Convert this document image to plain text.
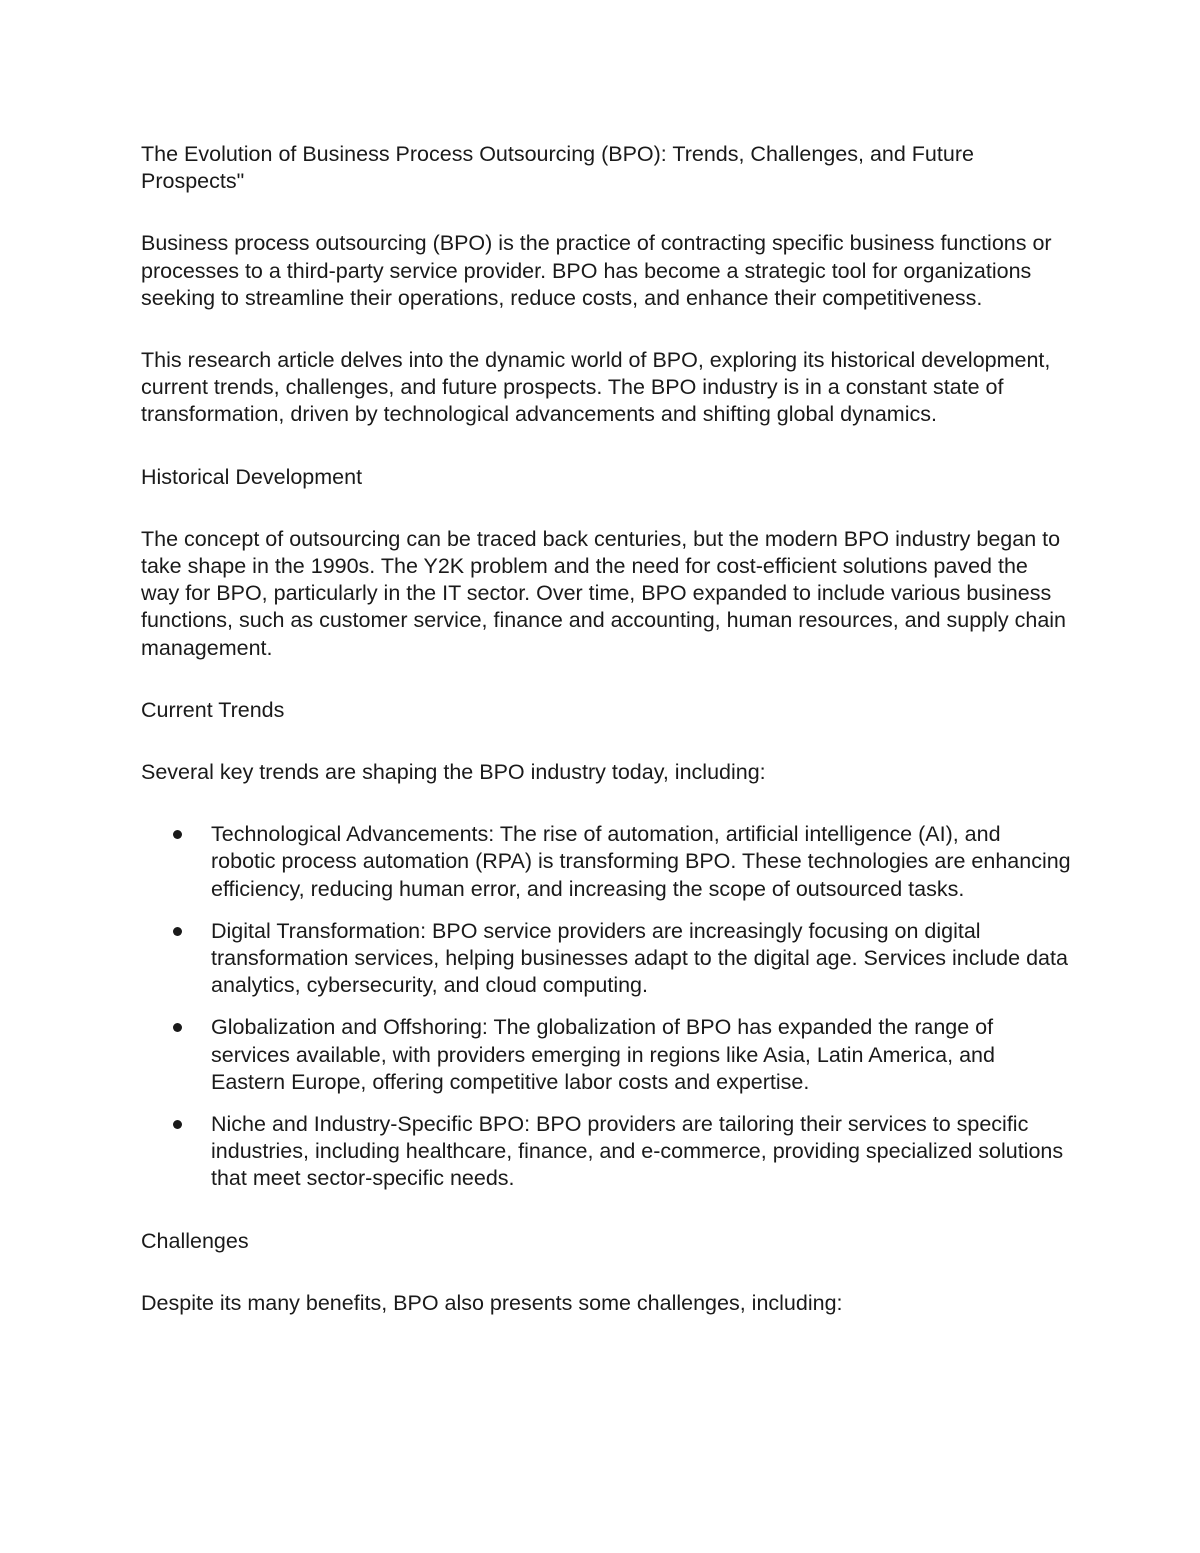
The Evolution of Business Process Outsourcing (BPO): Trends, Challenges, and Future Prospects"

Business process outsourcing (BPO) is the practice of contracting specific business functions or processes to a third-party service provider. BPO has become a strategic tool for organizations seeking to streamline their operations, reduce costs, and enhance their competitiveness.

This research article delves into the dynamic world of BPO, exploring its historical development, current trends, challenges, and future prospects. The BPO industry is in a constant state of transformation, driven by technological advancements and shifting global dynamics.

Historical Development

The concept of outsourcing can be traced back centuries, but the modern BPO industry began to take shape in the 1990s. The Y2K problem and the need for cost-efficient solutions paved the way for BPO, particularly in the IT sector. Over time, BPO expanded to include various business functions, such as customer service, finance and accounting, human resources, and supply chain management.

Current Trends

Several key trends are shaping the BPO industry today, including:

Technological Advancements: The rise of automation, artificial intelligence (AI), and robotic process automation (RPA) is transforming BPO. These technologies are enhancing efficiency, reducing human error, and increasing the scope of outsourced tasks.
Digital Transformation: BPO service providers are increasingly focusing on digital transformation services, helping businesses adapt to the digital age. Services include data analytics, cybersecurity, and cloud computing.
Globalization and Offshoring: The globalization of BPO has expanded the range of services available, with providers emerging in regions like Asia, Latin America, and Eastern Europe, offering competitive labor costs and expertise.
Niche and Industry-Specific BPO: BPO providers are tailoring their services to specific industries, including healthcare, finance, and e-commerce, providing specialized solutions that meet sector-specific needs.

Challenges

Despite its many benefits, BPO also presents some challenges, including:
